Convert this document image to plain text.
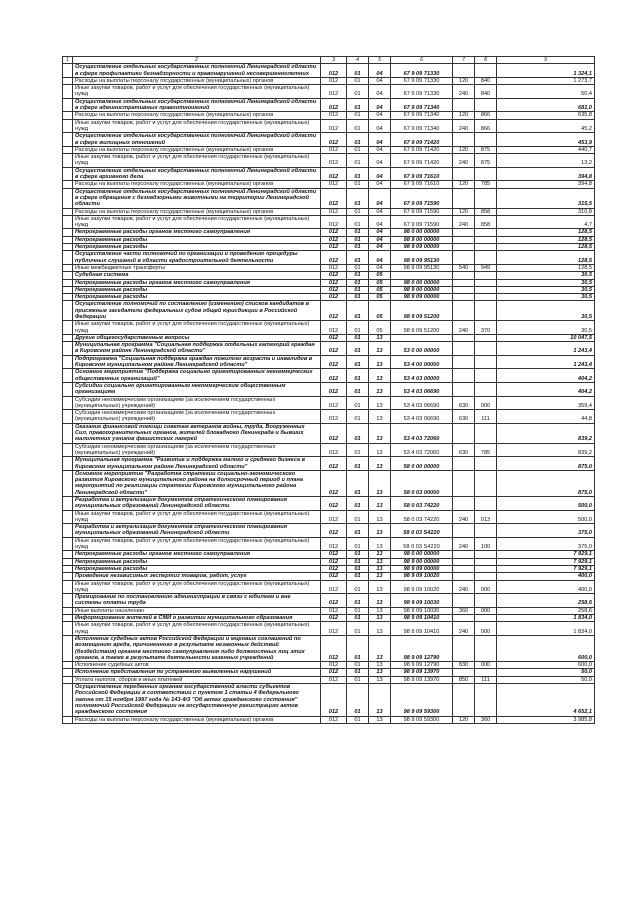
1	2	3	4	5	6	7	8	9
	Осуществление отдельных государственных полномочий Ленинградской области в сфере профилактики безнадзорности и правонарушений несовершеннолетних	012	01	04	67 9 09 71330			1 324,1
	Расходы на выплаты персоналу государственных (муниципальных) органов	012	01	04	67 9 09 71330	120	840	1 273,7
	Иные закупки товаров, работ и услуг для обеспечения государственных (муниципальных) нужд	012	01	04	67 9 09 71330	240	840	50,4
	Осуществление отдельных государственных полномочий Ленинградской области в сфере административных правоотношений	012	01	04	67 9 09 71340			681,0
	Расходы на выплаты персоналу государственных (муниципальных) органов	012	01	04	67 9 09 71340	120	866	635,8
	Иные закупки товаров, работ и услуг для обеспечения государственных (муниципальных) нужд	012	01	04	67 9 09 71340	240	866	45,2
	Осуществление отдельных государственных полномочий Ленинградской области в сфере жилищных отношений	012	01	04	67 9 09 71420			453,9
	Расходы на выплаты персоналу государственных (муниципальных) органов	012	01	04	67 9 09 71420	120	875	440,7
	Иные закупки товаров, работ и услуг для обеспечения государственных (муниципальных) нужд	012	01	04	67 9 09 71420	240	875	13,2
	Осуществление отдельных государственных полномочий Ленинградской области в сфере архивного дела	012	01	04	67 9 09 71610			394,8
	Расходы на выплаты персоналу государственных (муниципальных) органов	012	01	04	67 9 09 71610	120	785	394,8
	Осуществление отдельных государственных полномочий Ленинградской области в сфере обращения с безнадзорными животными на территории Ленинградской области	012	01	04	67 9 09 71590			315,5
	Расходы на выплаты персоналу государственных (муниципальных) органов	012	01	04	67 9 09 71590	120	858	310,8
	Иные закупки товаров, работ и услуг для обеспечения государственных (муниципальных) нужд	012	01	04	67 9 09 71590	240	858	4,7
	Непрограммные расходы органов местного самоуправления	012	01	04	98 0 00 00000			128,5
	Непрограммные расходы	012	01	04	98 9 00 00000			128,5
	Непрограммные расходы	012	01	04	98 9 09 00000			128,5
	Осуществление части полномочий по организации и проведению процедуры публичных слушаний в области градостроительной деятельности	012	01	04	98 9 09 95130			128,5
	Иные межбюджетные трансферты	012	01	04	98 9 09 95130	540	949	128,5
	Судебная система	012	01	05				30,5
	Непрограммные расходы органов местного самоуправления	012	01	05	98 0 00 00000			30,5
	Непрограммные расходы	012	01	05	98 9 00 00000			30,5
	Непрограммные расходы	012	01	05	98 9 09 00000			30,5
	Осуществление полномочий по составлению (изменению) списков кандидатов в присяжные заседатели федеральных судов общей юрисдикции в Российской Федерации	012	01	05	98 9 09 51200			30,5
	Иные закупки товаров, работ и услуг для обеспечения государственных (муниципальных) нужд	012	01	05	98 9 09 51200	240	370	30,5
	Другие общегосударственные вопросы	012	01	13				10 047,5
	Муниципальная программа "Социальная поддержка отдельных категорий граждан в Кировском районе Ленинградской области"	012	01	13	53 0 00 00000			1 243,4
	Подпрограмма "Социальная поддержка граждан пожилого возраста и инвалидов в Кировском муниципальном районе Ленинградской области"	012	01	13	53 4 00 00000			1 243,4
	Основное мероприятие "Поддержка социально ориентированных некоммерческих общественных организаций"	012	01	13	53 4 03 00000			404,2
	Субсидии социально ориентированным некоммерческим общественным организациям	012	01	13	53 4 03 06690			404,2
	Субсидии некоммерческим организациям (за исключением государственных (муниципальных) учреждений)	012	01	13	53 4 03 06690	630	000	359,4
	Субсидии некоммерческим организациям (за исключением государственных (муниципальных) учреждений)	012	01	13	53 4 03 06690	630	111	44,8
	Оказание финансовой помощи советам ветеранов войны, труда, Вооруженных Сил, правоохранительных органов, жителей блокадного Ленинграда и бывших малолетних узников фашистских лагерей	012	01	13	53 4 03 72060			839,2
	Субсидии некоммерческим организациям (за исключением государственных (муниципальных) учреждений)	012	01	13	53 4 03 72060	630	785	839,2
	Муниципальная программа "Развитие и поддержка малого и среднего бизнеса в Кировском муниципальном районе Ленинградской области"	012	01	13	58 0 00 00000			875,0
	Основное мероприятие "Разработка стратегии социально-экономического развития Кировского муниципального района на долгосрочный период и плана мероприятий по реализации стратегии Кировского муниципального района Ленинградской области"	012	01	13	58 0 03 00000			875,0
	Разработка и актуализация документов стратегического планирования муниципальных образований Ленинградской области	012	01	13	58 0 03 74220			500,0
	Иные закупки товаров, работ и услуг для обеспечения государственных (муниципальных) нужд	012	01	13	58 0 03 74220	240	013	500,0
	Разработка и актуализация документов стратегического планирования муниципальных образований Ленинградской области	012	01	13	58 0 03 S4220			375,0
	Иные закупки товаров, работ и услуг для обеспечения государственных (муниципальных) нужд	012	01	13	58 0 03 S4220	240	100	375,0
	Непрограммные расходы органов местного самоуправления	012	01	13	98 0 00 00000			7 929,1
	Непрограммные расходы	012	01	13	98 9 00 00000			7 929,1
	Непрограммные расходы	012	01	13	98 9 09 00000			7 929,1
	Проведение независимых экспертиз товаров, работ, услуг	012	01	13	98 9 09 10020			400,0
	Иные закупки товаров, работ и услуг для обеспечения государственных (муниципальных) нужд	012	01	13	98 9 09 10020	240	000	400,0
	Премирование по постановлению администрации в связи с юбилеем и вне системы оплаты труда	012	01	13	98 9 09 10030			258,6
	Иные выплаты населению	012	01	13	98 9 09 10030	360	000	258,6
	Информирование жителей в СМИ о развитии муниципального образования	012	01	13	98 9 09 10410			1 834,0
	Иные закупки товаров, работ и услуг для обеспечения государственных (муниципальных) нужд	012	01	13	98 9 09 10410	240	000	1 834,0
	Исполнение судебных актов Российской Федерации и мировых соглашений по возмещению вреда, причиненного в результате незаконных действий (бездействия) органов местного самоуправления либо должностных лиц этих органов, а также в результате деятельности казенных учреждений	012	01	13	98 9 09 12790			600,0
	Исполнение судебных актов	012	01	13	98 9 09 12790	830	000	600,0
	Исполнение представления по устранению выявленных нарушений	012	01	13	98 9 09 13970			50,0
	Уплата налогов, сборов и иных платежей	012	01	13	98 9 09 13970	850	111	50,0
	Осуществление переданных органам государственной власти субъектов Российской Федерации в соответствии с пунктом 1 статьи 4 Федерального закона от 15 ноября 1997 года № 143-ФЗ "Об актах гражданского состояния" полномочий Российской Федерации на государственную регистрацию актов гражданского состояния	012	01	13	98 9 09 59300			4 652,1
	Расходы на выплаты персоналу государственных (муниципальных) органов	012	01	13	98 9 09 59300	120	360	3 985,8
